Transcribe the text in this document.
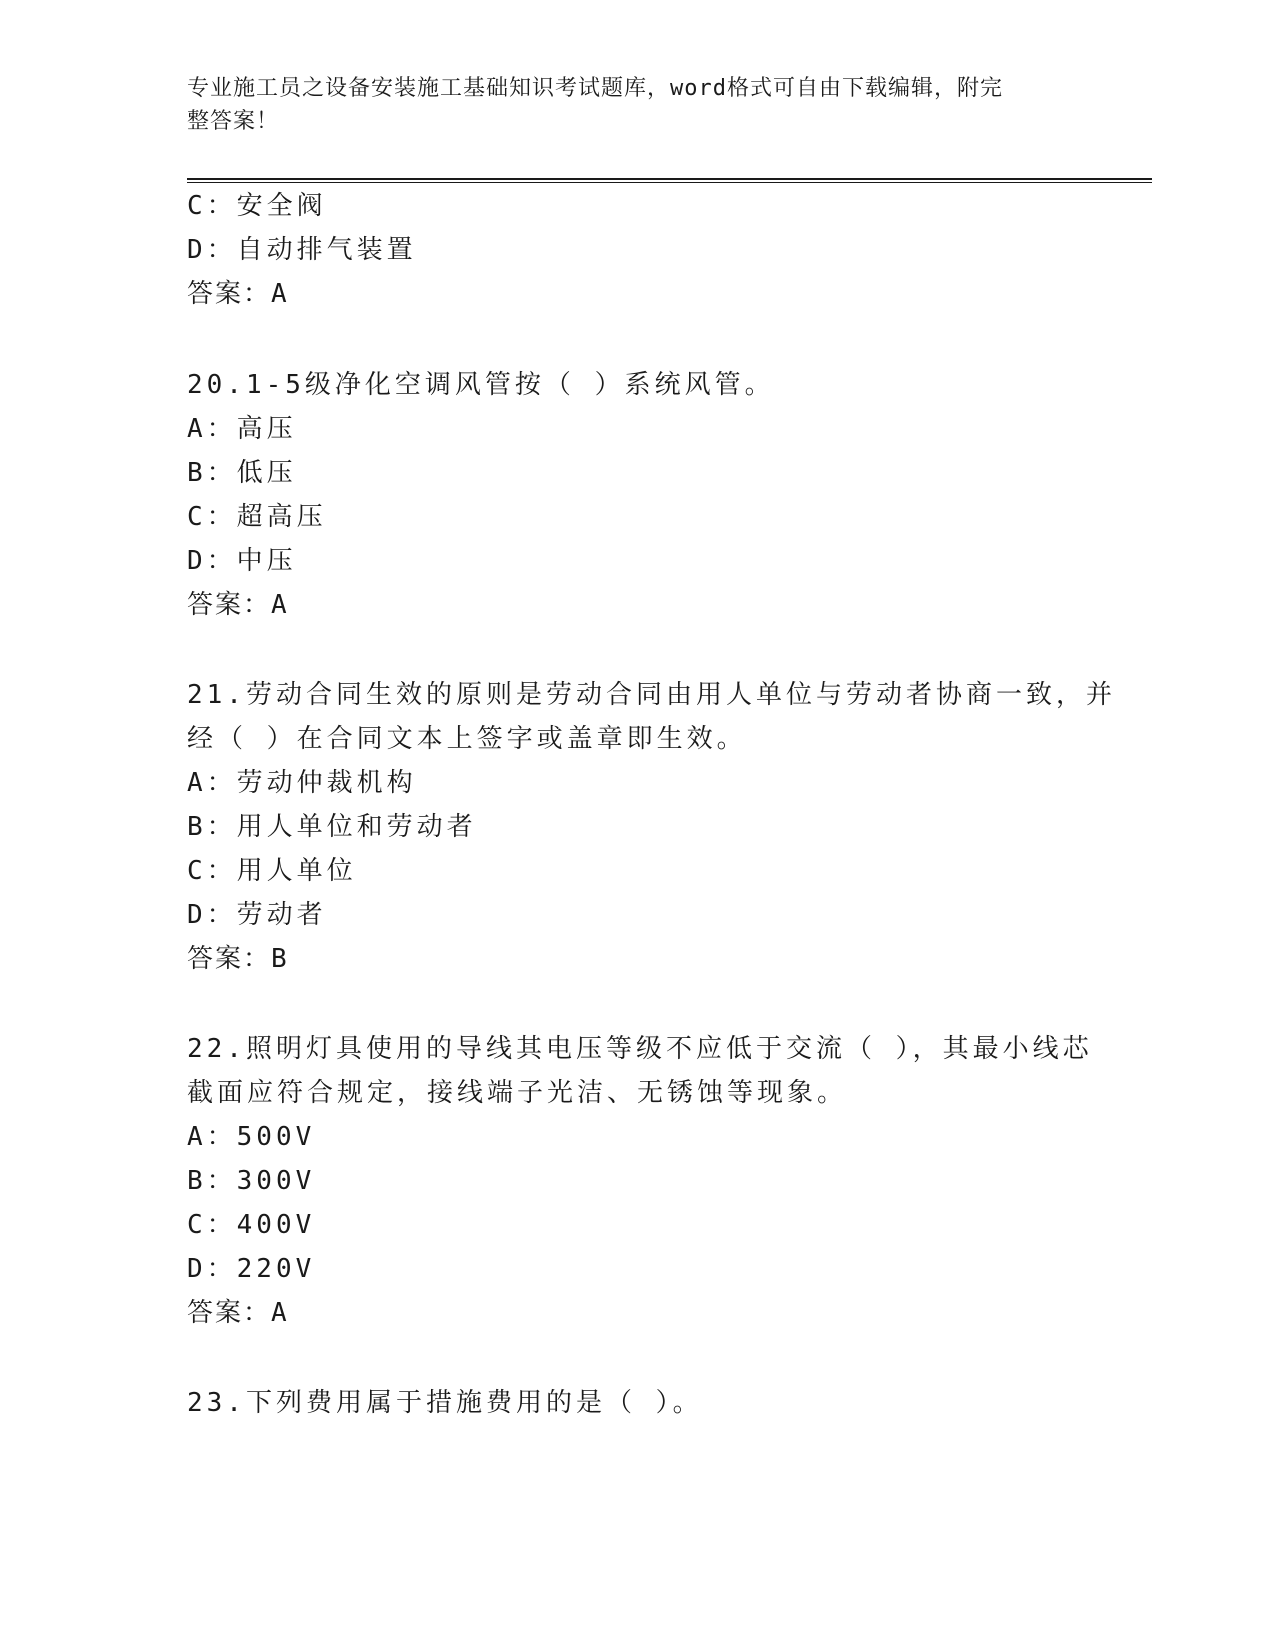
专业施工员之设备安装施工基础知识考试题库，word格式可自由下载编辑，附完
整答案！
C：安全阀
D：自动排气装置
答案：A
20.1-5级净化空调风管按（ ）系统风管。
A：高压
B：低压
C：超高压
D：中压
答案：A
21.劳动合同生效的原则是劳动合同由用人单位与劳动者协商一致，并
经（ ）在合同文本上签字或盖章即生效。
A：劳动仲裁机构
B：用人单位和劳动者
C：用人单位
D：劳动者
答案：B
22.照明灯具使用的导线其电压等级不应低于交流（ ），其最小线芯
截面应符合规定，接线端子光洁、无锈蚀等现象。
A：500V
B：300V
C：400V
D：220V
答案：A
23.下列费用属于措施费用的是（ ）。
